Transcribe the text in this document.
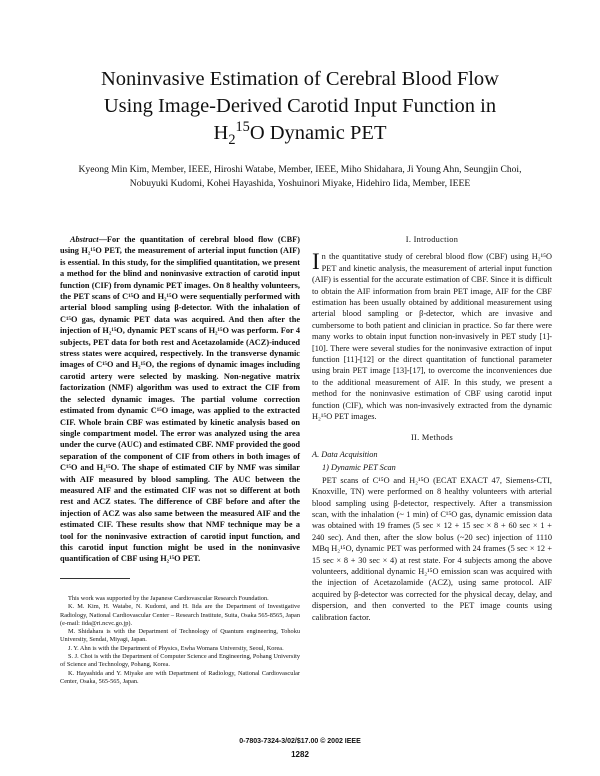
Noninvasive Estimation of Cerebral Blood Flow
Using Image-Derived Carotid Input Function in
$H_2^{15}O$ Dynamic PET
Kyeong Min Kim, Member, IEEE, Hiroshi Watabe, Member, IEEE, Miho Shidahara, Ji Young Ahn, Seungjin Choi, Nobuyuki Kudomi, Kohei Hayashida, Yoshuinori Miyake, Hidehiro Iida, Member, IEEE

Abstract—For the quantitation of cerebral blood flow (CBF) using H₂¹⁵O PET, the measurement of arterial input function (AIF) is essential. In this study, for the simplified quantitation, we present a method for the blind and noninvasive extraction of carotid input function (CIF) from dynamic PET images. On 8 healthy volunteers, the PET scans of C¹⁵O and H₂¹⁵O were sequentially performed with arterial blood sampling using β-detector. With the inhalation of C¹⁵O gas, dynamic PET data was acquired. And then after the injection of H₂¹⁵O, dynamic PET scans of H₂¹⁵O was perform. For 4 subjects, PET data for both rest and Acetazolamide (ACZ)-induced stress states were acquired, respectively. In the transverse dynamic images of C¹⁵O and H₂¹⁵O, the regions of dynamic images including carotid artery were selected by masking. Non-negative matrix factorization (NMF) algorithm was used to extract the CIF from the selected dynamic images. The partial volume correction estimated from dynamic C¹⁵O image, was applied to the extracted CIF. Whole brain CBF was estimated by kinetic analysis based on single compartment model. The error was analyzed using the area under the curve (AUC) and estimated CBF. NMF provided the good separation of the component of CIF from others in both images of C¹⁵O and H₂¹⁵O. The shape of estimated CIF by NMF was similar with AIF measured by blood sampling. The AUC between the measured AIF and the estimated CIF was not so different at both rest and ACZ states. The difference of CBF before and after the injection of ACZ was also same between the measured AIF and the estimated CIF. These results show that NMF technique may be a tool for the noninvasive extraction of carotid input function, and this carotid input function might be used in the noninvasive quantification of CBF using H₂¹⁵O PET.

This work was supported by the Japanese Cardiovascular Research Foundation.

K. M. Kim, H. Watabe, N. Kudomi, and H. Iida are the Department of Investigative Radiology, National Cardiovascular Center – Research Institute, Suita, Osaka 565-8565, Japan (e-mail: iida@ri.ncvc.go.jp).

M. Shidahara is with the Department of Technology of Quantum engineering, Tohoku University, Sendai, Miyagi, Japan.

J. Y. Ahn is with the Department of Physics, Ewha Womans University, Seoul, Korea.

S. J. Choi is with the Department of Computer Science and Engineering, Pohang University of Science and Technology, Pohang, Korea.

K. Hayashida and Y. Miyake are with Department of Radiology, National Cardiovascular Center, Osaka, 565-565, Japan.

I. Introduction

In the quantitative study of cerebral blood flow (CBF) using H₂¹⁵O PET and kinetic analysis, the measurement of arterial input function (AIF) is essential for the accurate estimation of CBF. Since it is difficult to obtain the AIF information from brain PET image, AIF for the CBF estimation has been usually obtained by additional measurement using arterial blood sampling or β-detector, which are invasive and cumbersome to both patient and clinician in practice. So far there were many works to obtain input function non-invasively in PET study [1]-[10]. There were several studies for the noninvasive extraction of input function [11]-[12] or the direct quantitation of functional parameter using brain PET image [13]-[17], to overcome the inconveniences due to the additional measurement of AIF. In this study, we present a method for the noninvasive estimation of CBF using carotid input function (CIF), which was non-invasively extracted from the dynamic H₂¹⁵O PET images.

II. Methods
A. Data Acquisition
1) Dynamic PET Scan

PET scans of C¹⁵O and H₂¹⁵O (ECAT EXACT 47, Siemens-CTI, Knoxville, TN) were performed on 8 healthy volunteers with arterial blood sampling using β-detector, respectively. After a transmission scan, with the inhalation (~ 1 min) of C¹⁵O gas, dynamic emission data was obtained with 19 frames (5 sec × 12 + 15 sec × 8 + 60 sec × 1 + 240 sec). And then, after the slow bolus (~20 sec) injection of 1110 MBq H₂¹⁵O, dynamic PET was performed with 24 frames (5 sec × 12 + 15 sec × 8 + 30 sec × 4) at rest state. For 4 subjects among the above volunteers, additional dynamic H₂¹⁵O emission scan was acquired with the injection of Acetazolamide (ACZ), using same protocol. AIF acquired by β-detector was corrected for the physical decay, delay, and dispersion, and then converted to the PET image counts using calibration factor.

0-7803-7324-3/02/$17.00 © 2002 IEEE
1282
